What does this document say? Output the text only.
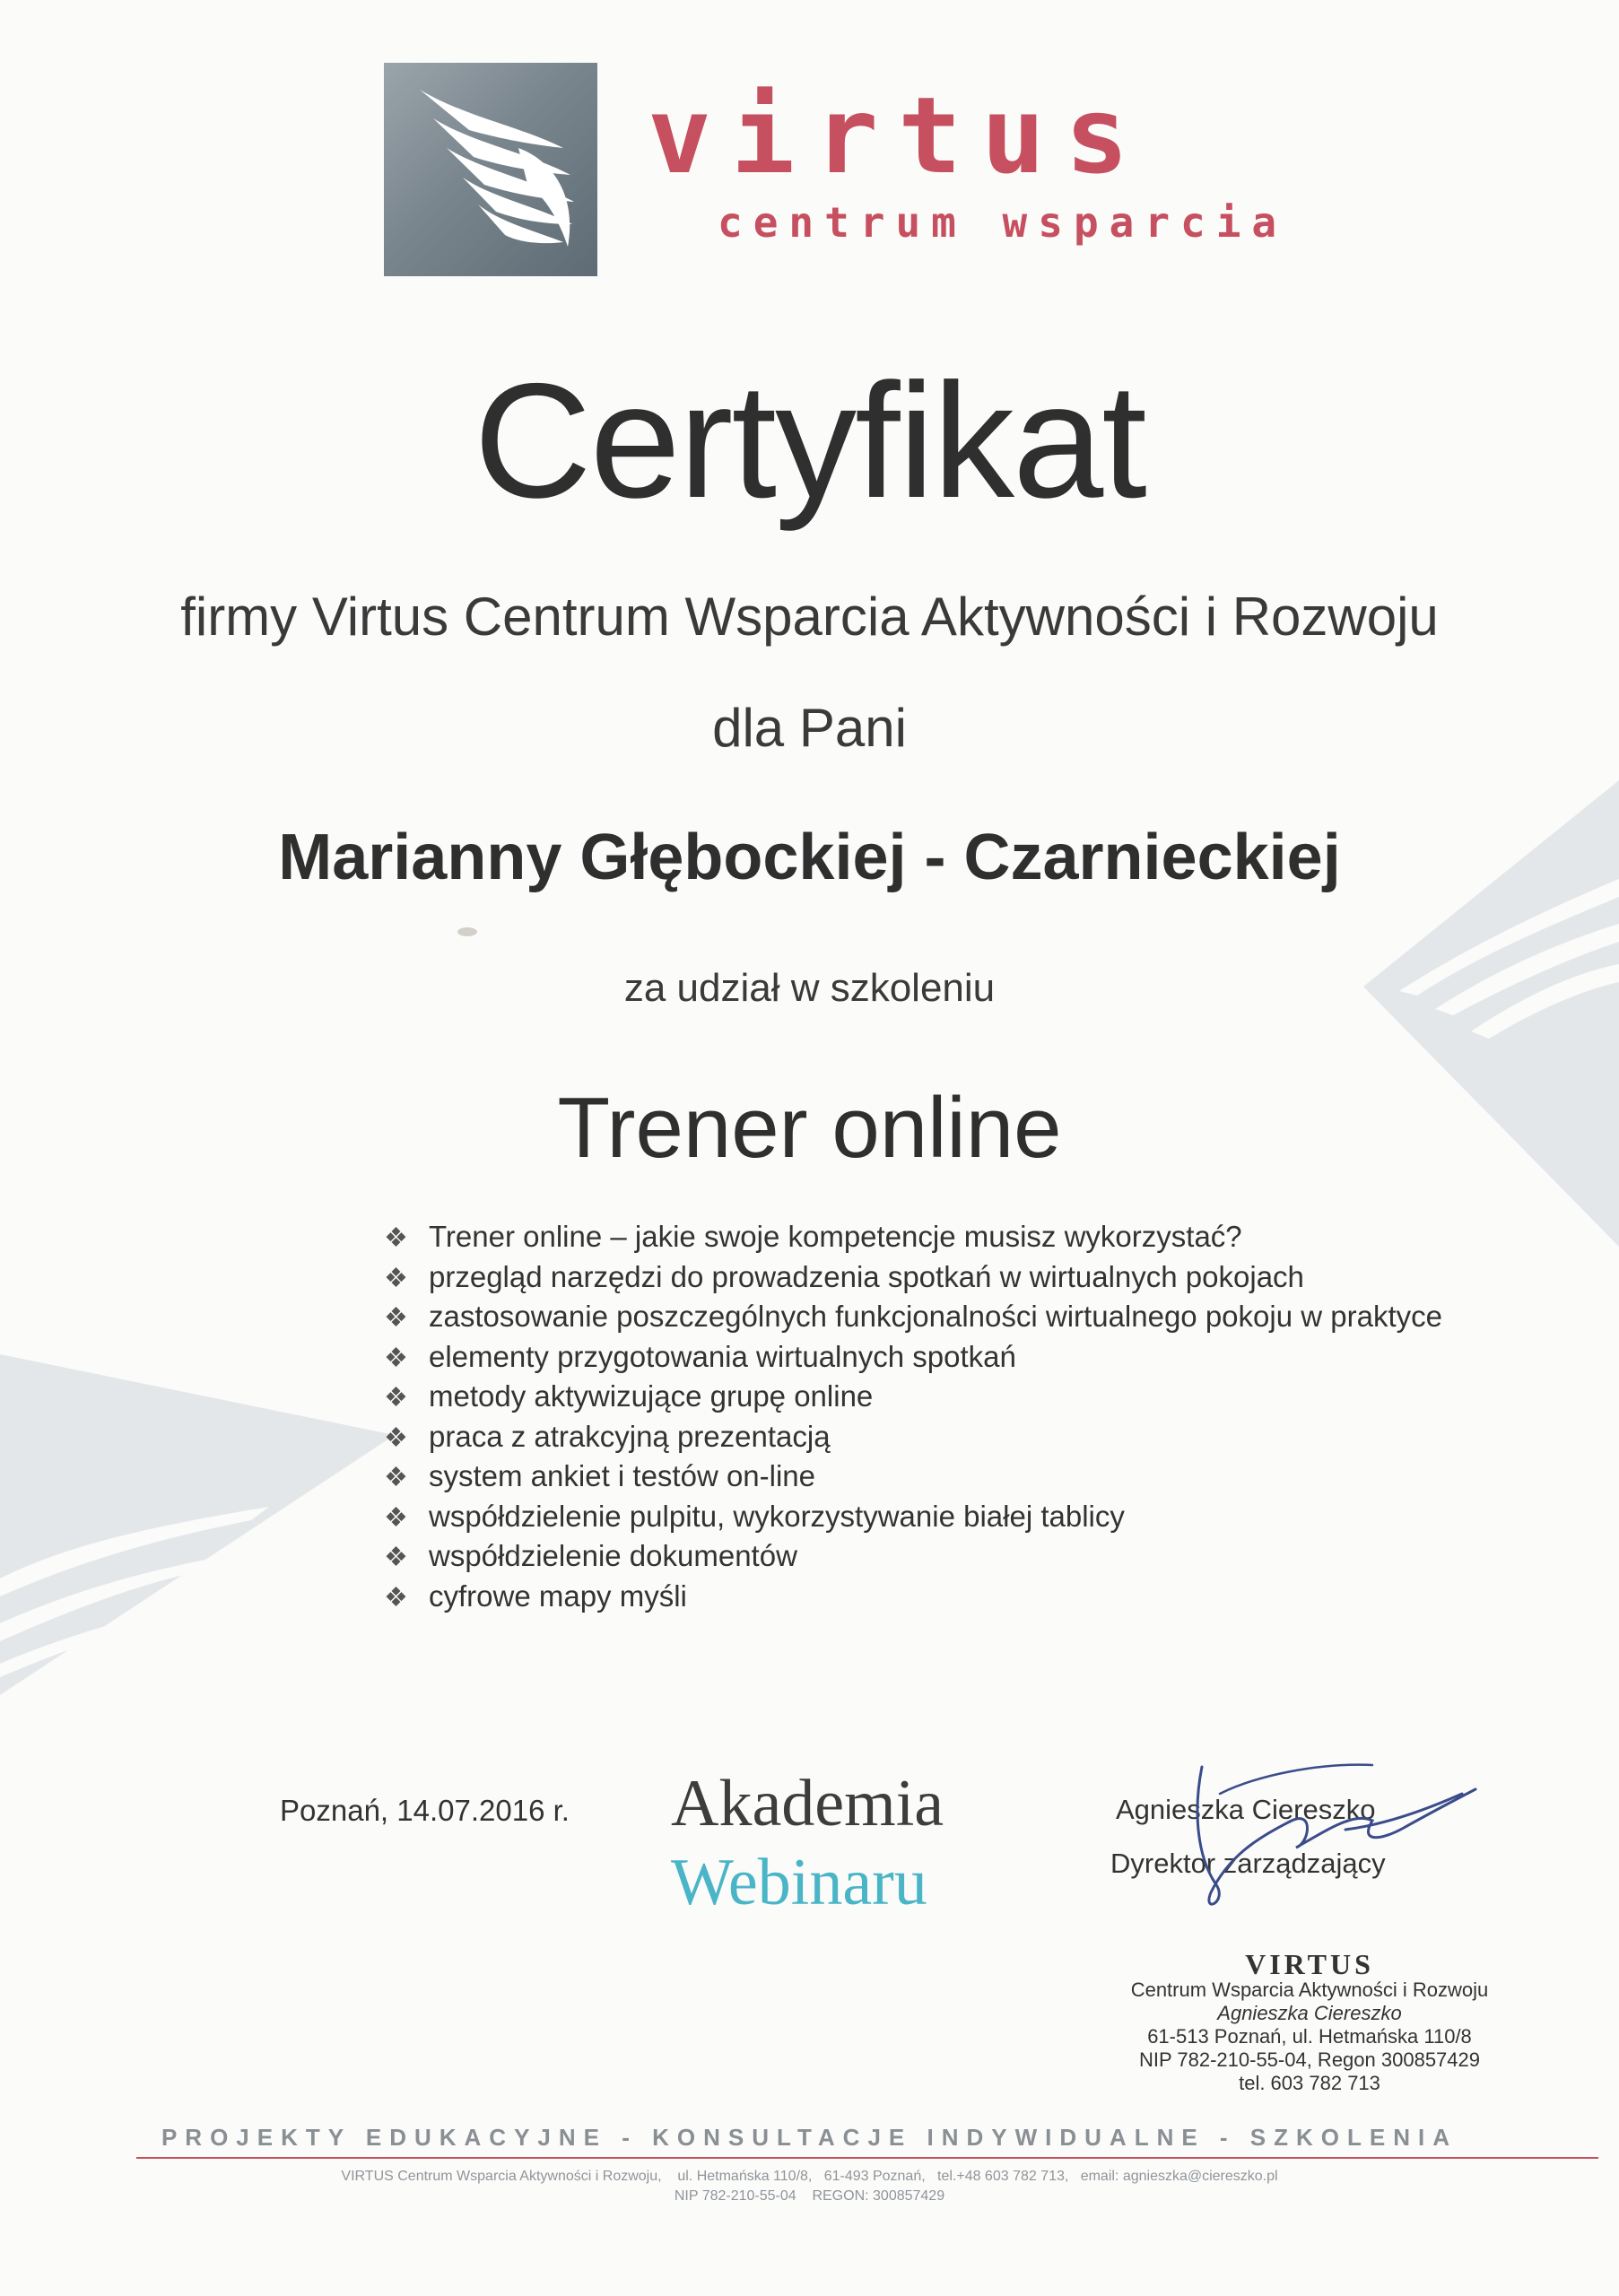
virtus
centrum wsparcia
Certyfikat
firmy Virtus Centrum Wsparcia Aktywności i Rozwoju
dla Pani
Marianny Głębockiej - Czarnieckiej
za udział w szkoleniu
Trener online
❖ Trener online – jakie swoje kompetencje musisz wykorzystać?
❖ przegląd narzędzi do prowadzenia spotkań w wirtualnych pokojach
❖ zastosowanie poszczególnych funkcjonalności wirtualnego pokoju w praktyce
❖ elementy przygotowania wirtualnych spotkań
❖ metody aktywizujące grupę online
❖ praca z atrakcyjną prezentacją
❖ system ankiet i testów on-line
❖ współdzielenie pulpitu, wykorzystywanie białej tablicy
❖ współdzielenie dokumentów
❖ cyfrowe mapy myśli
Poznań, 14.07.2016 r. Akademia
Webinaru
Agnieszka Ciereszko
Dyrektor zarządzający
VIRTUS
Centrum Wsparcia Aktywności i Rozwoju
Agnieszka Ciereszko
61-513 Poznań, ul. Hetmańska 110/8
NIP 782-210-55-04, Regon 300857429
tel. 603 782 713
PROJEKTY EDUKACYJNE - KONSULTACJE INDYWIDUALNE - SZKOLENIA
VIRTUS Centrum Wsparcia Aktywności i Rozwoju,    ul. Hetmańska 110/8,   61-493 Poznań,   tel.+48 603 782 713,   email: agnieszka@ciereszko.pl
NIP 782-210-55-04    REGON: 300857429
